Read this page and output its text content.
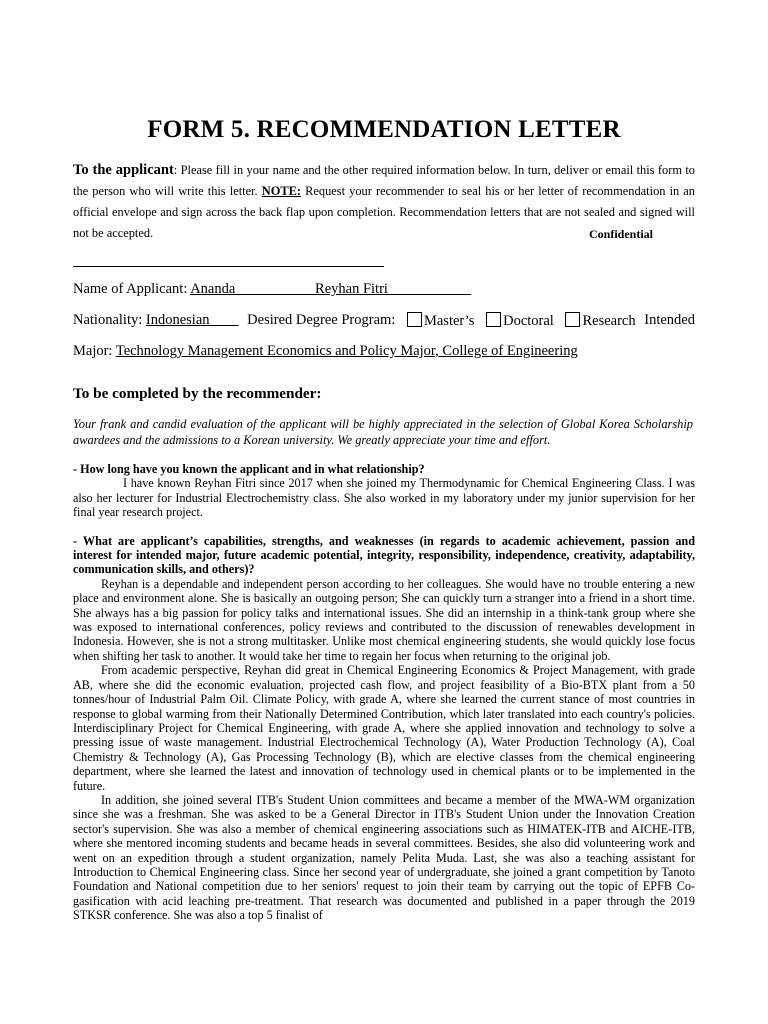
FORM 5. RECOMMENDATION LETTER
To the applicant: Please fill in your name and the other required information below. In turn, deliver or email this form to the person who will write this letter. NOTE: Request your recommender to seal his or her letter of recommendation in an official envelope and sign across the back flap upon completion. Recommendation letters that are not sealed and signed will not be accepted.	Confidential
Name of Applicant: Ananda                      Reyhan Fitri
Nationality: Indonesian Desired Degree Program:	Master’s	Doctoral	Research Intended
Major: Technology Management Economics and Policy Major, College of Engineering
To be completed by the recommender:
Your frank and candid evaluation of the applicant will be highly appreciated in the selection of Global Korea Scholarship awardees and the admissions to a Korean university. We greatly appreciate your time and effort.

- How long have you known the applicant and in what relationship?

I have known Reyhan Fitri since 2017 when she joined my Thermodynamic for Chemical Engineering Class. I was also her lecturer for Industrial Electrochemistry class. She also worked in my laboratory under my junior supervision for her final year research project.

- What are applicant’s capabilities, strengths, and weaknesses (in regards to academic achievement, passion and interest for intended major, future academic potential, integrity, responsibility, independence, creativity, adaptability, communication skills, and others)?

Reyhan is a dependable and independent person according to her colleagues. She would have no trouble entering a new place and environment alone. She is basically an outgoing person; She can quickly turn a stranger into a friend in a short time. She always has a big passion for policy talks and international issues. She did an internship in a think-tank group where she was exposed to international conferences, policy reviews and contributed to the discussion of renewables development in Indonesia. However, she is not a strong multitasker. Unlike most chemical engineering students, she would quickly lose focus when shifting her task to another. It would take her time to regain her focus when returning to the original job.

From academic perspective, Reyhan did great in Chemical Engineering Economics & Project Management, with grade AB, where she did the economic evaluation, projected cash flow, and project feasibility of a Bio-BTX plant from a 50 tonnes/hour of Industrial Palm Oil. Climate Policy, with grade A, where she learned the current stance of most countries in response to global warming from their Nationally Determined Contribution, which later translated into each country's policies. Interdisciplinary Project for Chemical Engineering, with grade A, where she applied innovation and technology to solve a pressing issue of waste management. Industrial Electrochemical Technology (A), Water Production Technology (A), Coal Chemistry & Technology (A), Gas Processing Technology (B), which are elective classes from the chemical engineering department, where she learned the latest and innovation of technology used in chemical plants or to be implemented in the future.

In addition, she joined several ITB's Student Union committees and became a member of the MWA-WM organization since she was a freshman. She was asked to be a General Director in ITB's Student Union under the Innovation Creation sector's supervision. She was also a member of chemical engineering associations such as HIMATEK-ITB and AICHE-ITB, where she mentored incoming students and became heads in several committees. Besides, she also did volunteering work and went on an expedition through a student organization, namely Pelita Muda. Last, she was also a teaching assistant for Introduction to Chemical Engineering class. Since her second year of undergraduate, she joined a grant competition by Tanoto Foundation and National competition due to her seniors' request to join their team by carrying out the topic of EPFB Co-gasification with acid leaching pre-treatment. That research was documented and published in a paper through the 2019 STKSR conference. She was also a top 5 finalist of
